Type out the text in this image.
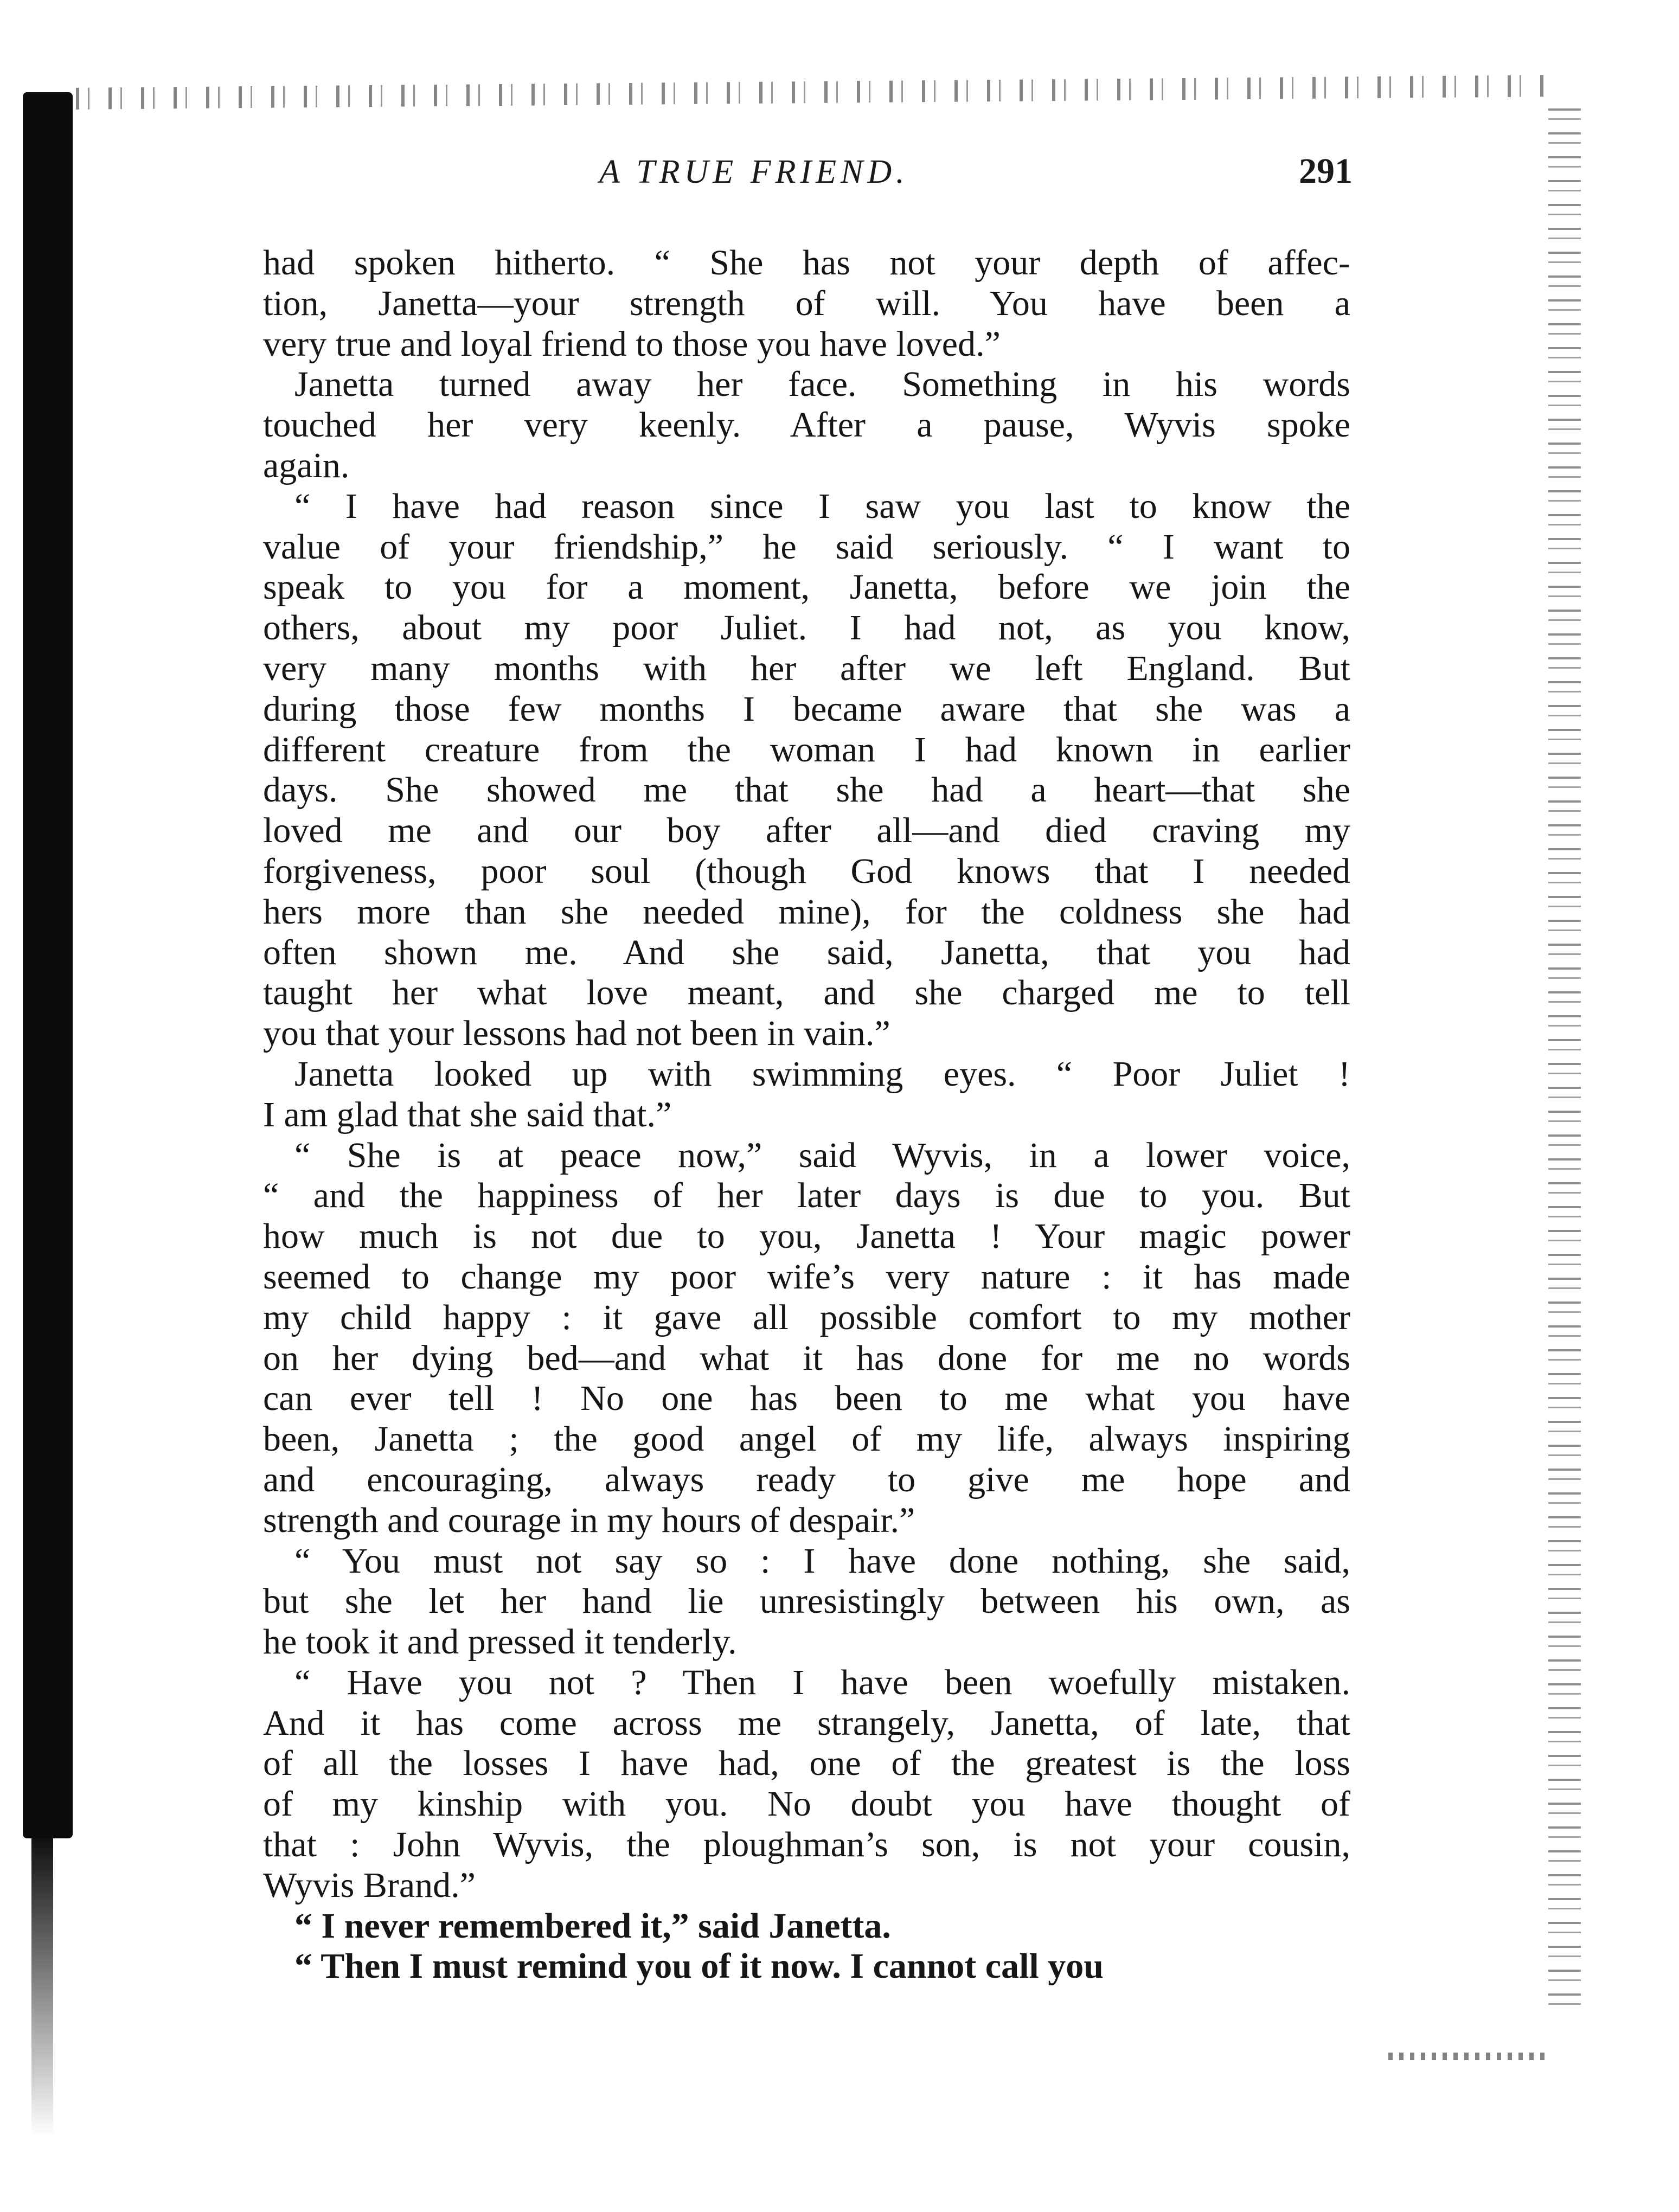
A TRUE FRIEND.	291
had spoken hitherto. “ She has not your depth of affec-
tion, Janetta—your strength of will. You have been a
very true and loyal friend to those you have loved.”
Janetta turned away her face. Something in his words
touched her very keenly. After a pause, Wyvis spoke
again.
“ I have had reason since I saw you last to know the
value of your friendship,” he said seriously. “ I want to
speak to you for a moment, Janetta, before we join the
others, about my poor Juliet. I had not, as you know,
very many months with her after we left England. But
during those few months I became aware that she was a
different creature from the woman I had known in earlier
days. She showed me that she had a heart—that she
loved me and our boy after all—and died craving my
forgiveness, poor soul (though God knows that I needed
hers more than she needed mine), for the coldness she had
often shown me. And she said, Janetta, that you had
taught her what love meant, and she charged me to tell
you that your lessons had not been in vain.”
Janetta looked up with swimming eyes. “ Poor Juliet !
I am glad that she said that.”
“ She is at peace now,” said Wyvis, in a lower voice,
“ and the happiness of her later days is due to you. But
how much is not due to you, Janetta ! Your magic power
seemed to change my poor wife’s very nature : it has made
my child happy : it gave all possible comfort to my mother
on her dying bed—and what it has done for me no words
can ever tell ! No one has been to me what you have
been, Janetta ; the good angel of my life, always inspiring
and encouraging, always ready to give me hope and
strength and courage in my hours of despair.”
“ You must not say so : I have done nothing, she said,
but she let her hand lie unresistingly between his own, as
he took it and pressed it tenderly.
“ Have you not ? Then I have been woefully mistaken.
And it has come across me strangely, Janetta, of late, that
of all the losses I have had, one of the greatest is the loss
of my kinship with you. No doubt you have thought of
that : John Wyvis, the ploughman’s son, is not your cousin,
Wyvis Brand.”
“ I never remembered it,” said Janetta.
“ Then I must remind you of it now. I cannot call you
